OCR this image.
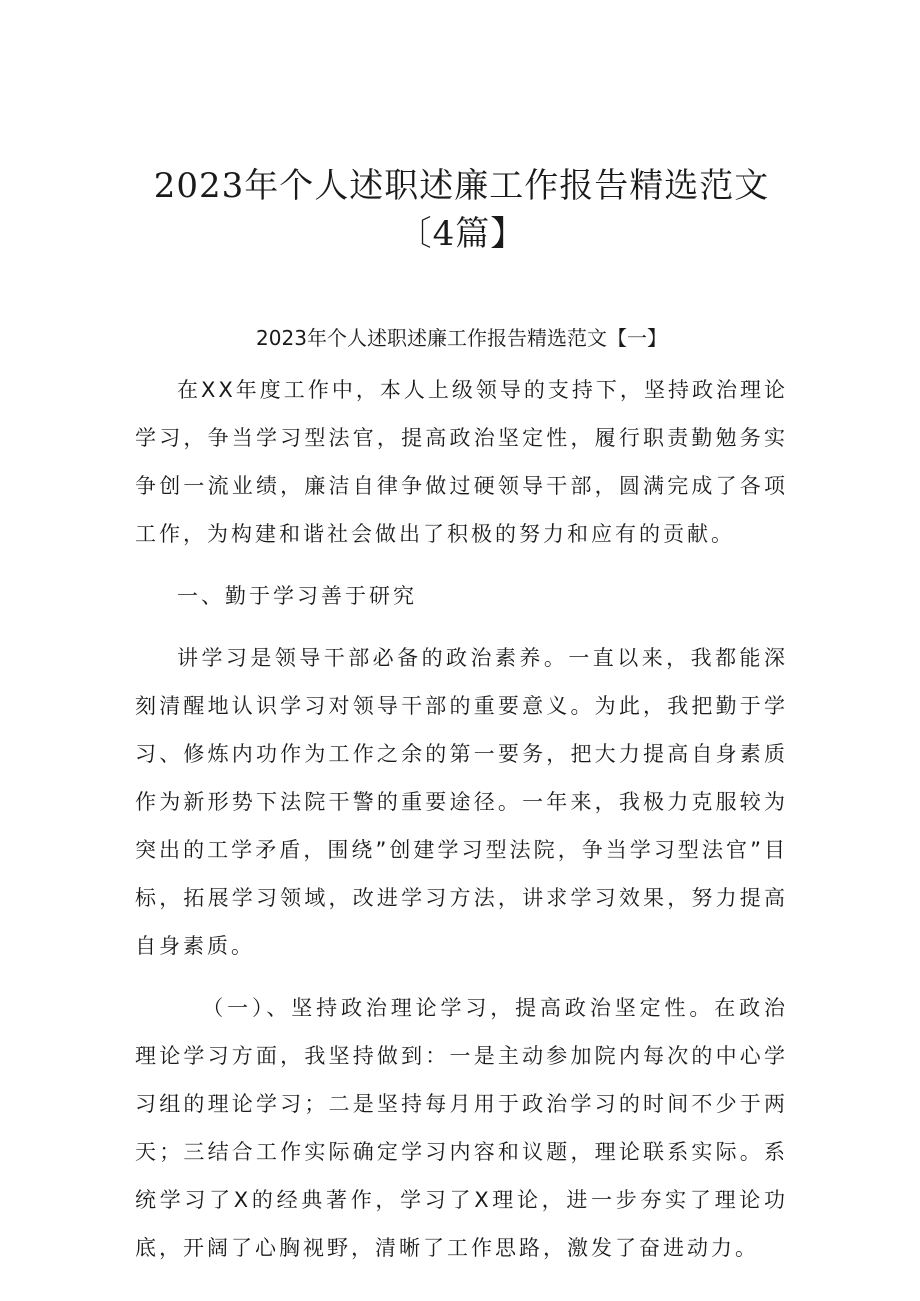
2023年个人述职述廉工作报告精选范文〔4篇】
2023年个人述职述廉工作报告精选范文【一】

在XX年度工作中，本人上级领导的支持下，坚持政治理论学习，争当学习型法官，提高政治坚定性，履行职责勤勉务实争创一流业绩，廉洁自律争做过硬领导干部，圆满完成了各项工作，为构建和谐社会做出了积极的努力和应有的贡献。

一、勤于学习善于研究

讲学习是领导干部必备的政治素养。一直以来，我都能深刻清醒地认识学习对领导干部的重要意义。为此，我把勤于学习、修炼内功作为工作之余的第一要务，把大力提高自身素质作为新形势下法院干警的重要途径。一年来，我极力克服较为突出的工学矛盾，围绕”创建学习型法院，争当学习型法官”目标，拓展学习领域，改进学习方法，讲求学习效果，努力提高自身素质。

（一）、坚持政治理论学习，提高政治坚定性。在政治理论学习方面，我坚持做到：一是主动参加院内每次的中心学习组的理论学习；二是坚持每月用于政治学习的时间不少于两天；三结合工作实际确定学习内容和议题，理论联系实际。系统学习了X的经典著作，学习了X理论，进一步夯实了理论功底，开阔了心胸视野，清晰了工作思路，激发了奋进动力。
